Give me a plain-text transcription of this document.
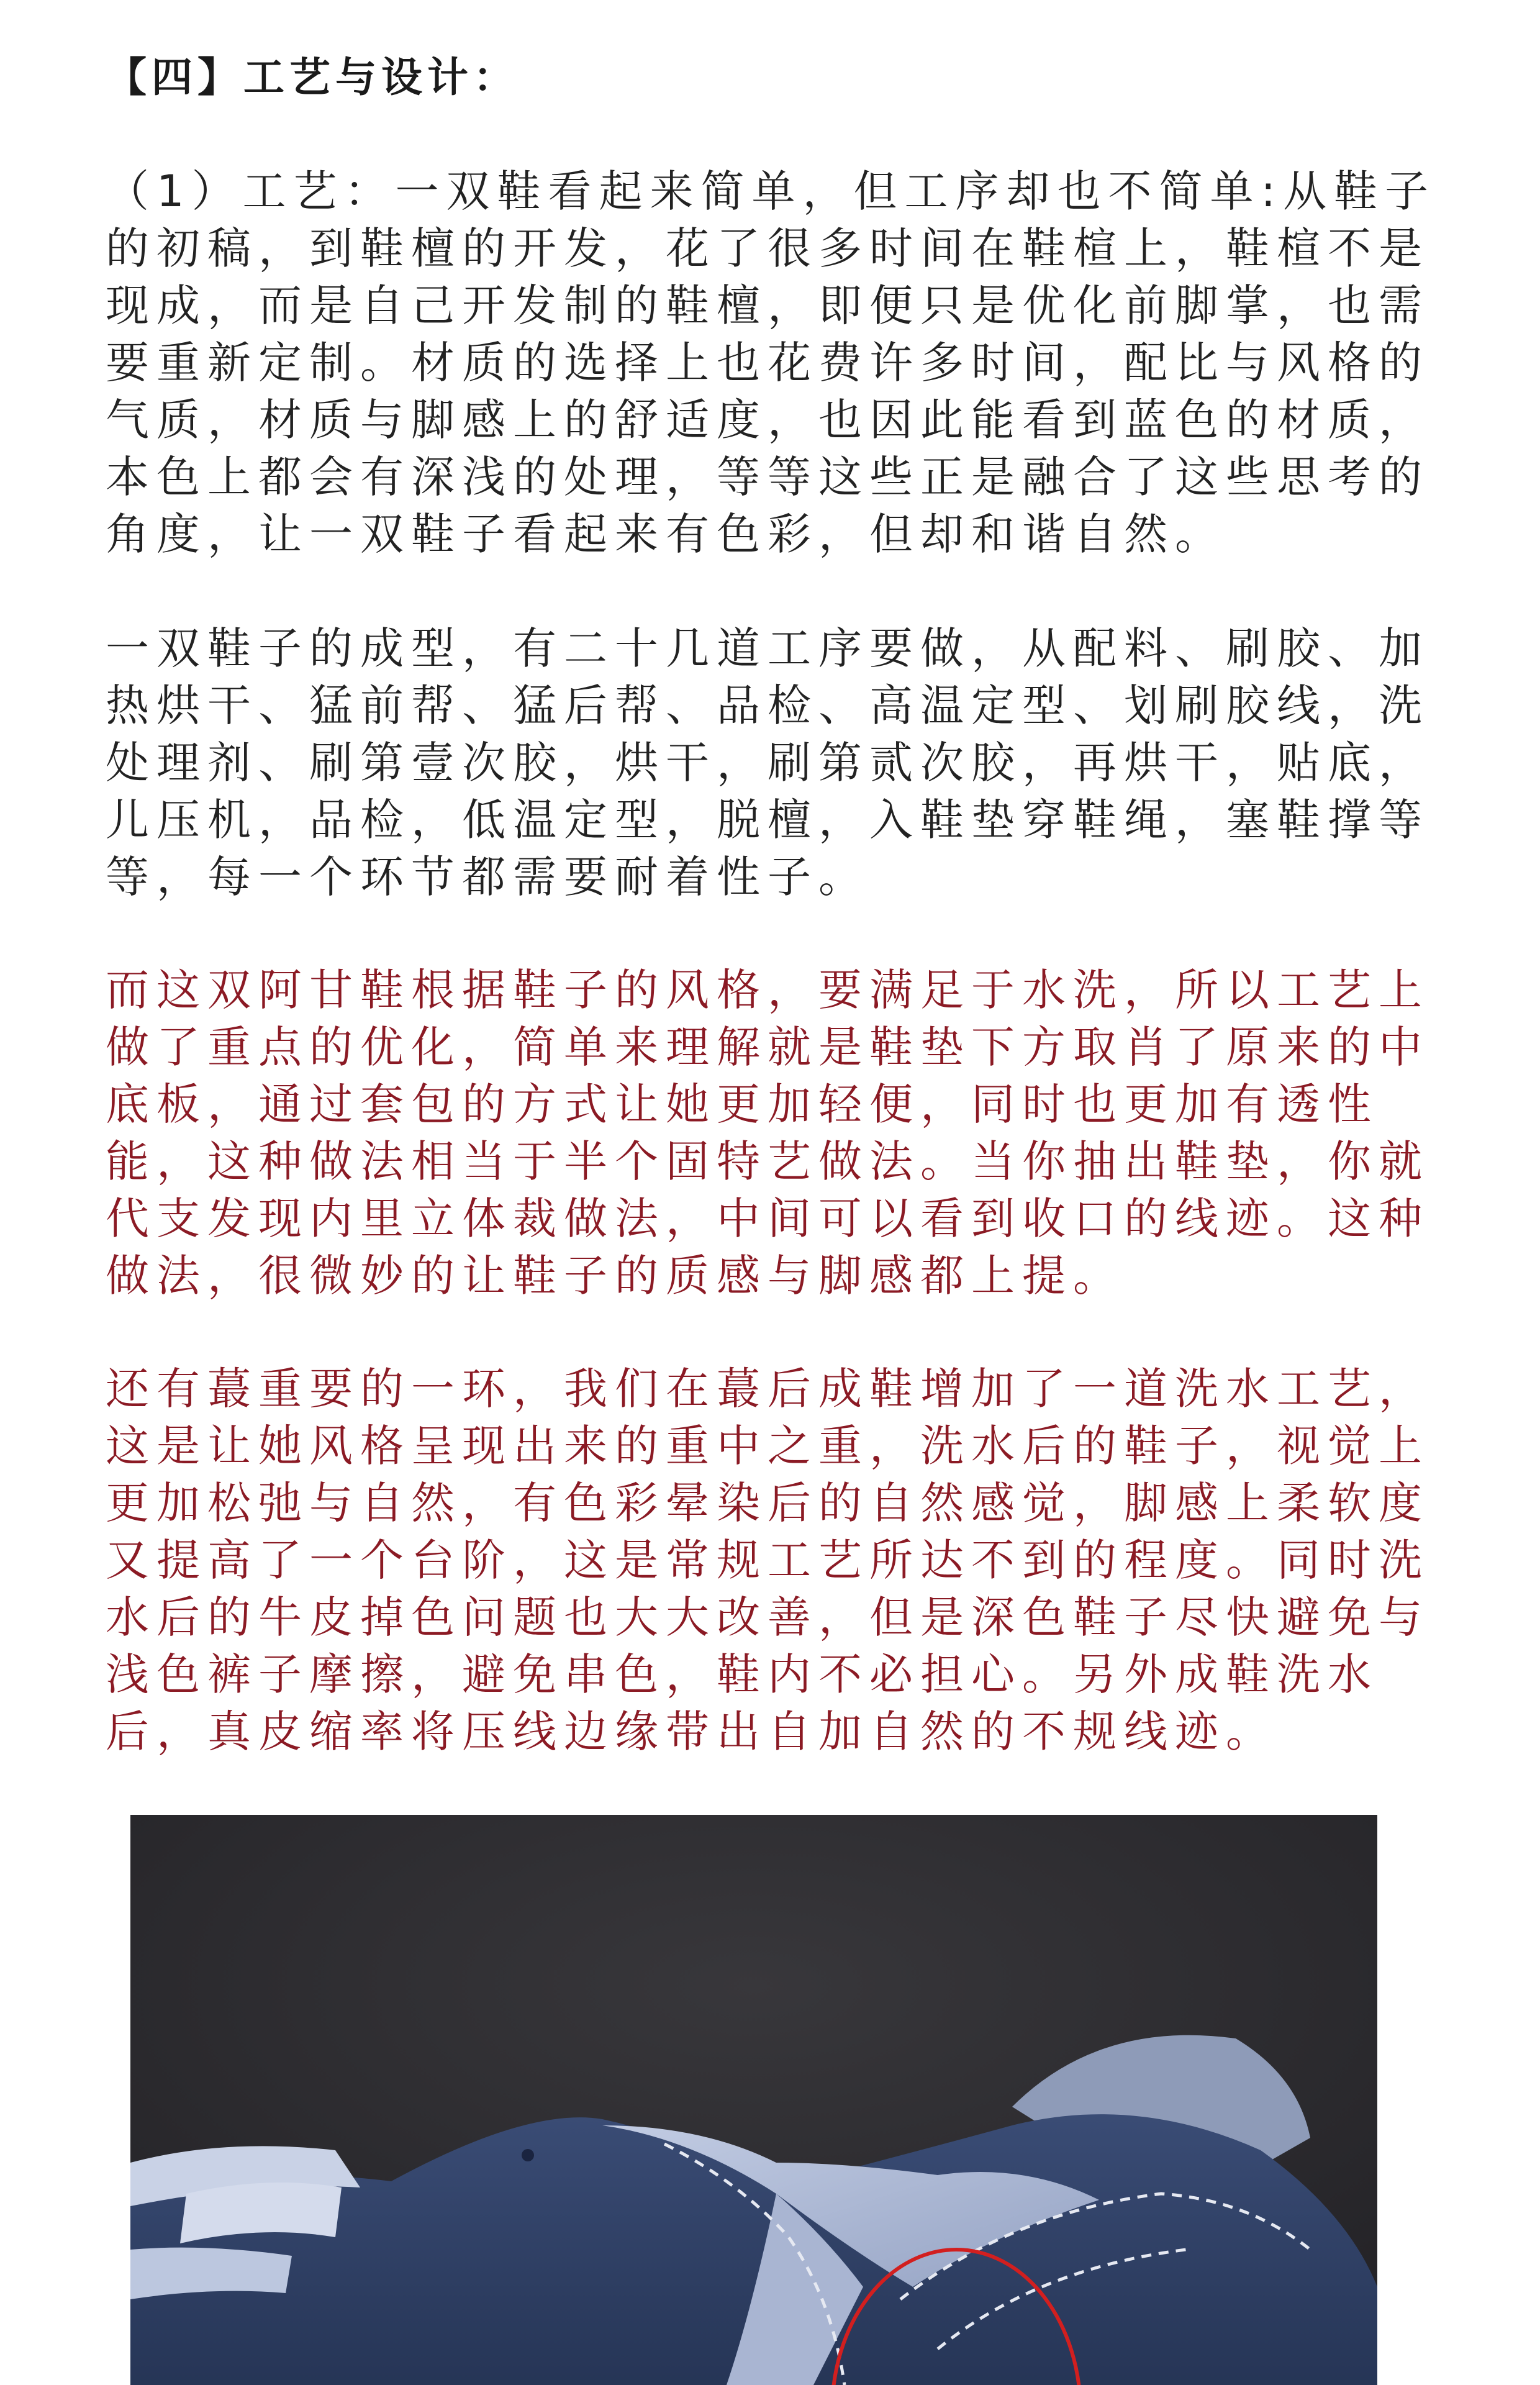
【四】工艺与设计：

（1）工艺：一双鞋看起来简单，但工序却也不简单:从鞋子的初稿，到鞋檀的开发，花了很多时间在鞋楦上，鞋楦不是现成，而是自己开发制的鞋檀，即便只是优化前脚掌，也需要重新定制。材质的选择上也花费许多时间，配比与风格的气质，材质与脚感上的舒适度，也因此能看到蓝色的材质，本色上都会有深浅的处理，等等这些正是融合了这些思考的角度，让一双鞋子看起来有色彩，但却和谐自然。

一双鞋子的成型，有二十几道工序要做，从配料、刷胶、加热烘干、猛前帮、猛后帮、品检、高温定型、划刷胶线，洗处理剂、刷第壹次胶，烘干，刷第贰次胶，再烘干，贴底，儿压机，品检，低温定型，脱檀，入鞋垫穿鞋绳，塞鞋撑等等，每一个环节都需要耐着性子。

而这双阿甘鞋根据鞋子的风格，要满足于水洗，所以工艺上做了重点的优化，简单来理解就是鞋垫下方取肖了原来的中底板，通过套包的方式让她更加轻便，同时也更加有透性能，这种做法相当于半个固特艺做法。当你抽出鞋垫，你就代支发现内里立体裁做法，中间可以看到收口的线迹。这种做法，很微妙的让鞋子的质感与脚感都上提。

还有蕞重要的一环，我们在蕞后成鞋增加了一道洗水工艺，这是让她风格呈现出来的重中之重，洗水后的鞋子，视觉上更加松弛与自然，有色彩晕染后的自然感觉，脚感上柔软度又提高了一个台阶，这是常规工艺所达不到的程度。同时洗水后的牛皮掉色问题也大大改善，但是深色鞋子尽快避免与浅色裤子摩擦，避免串色，鞋内不必担心。另外成鞋洗水后，真皮缩率将压线边缘带出自加自然的不规线迹。
